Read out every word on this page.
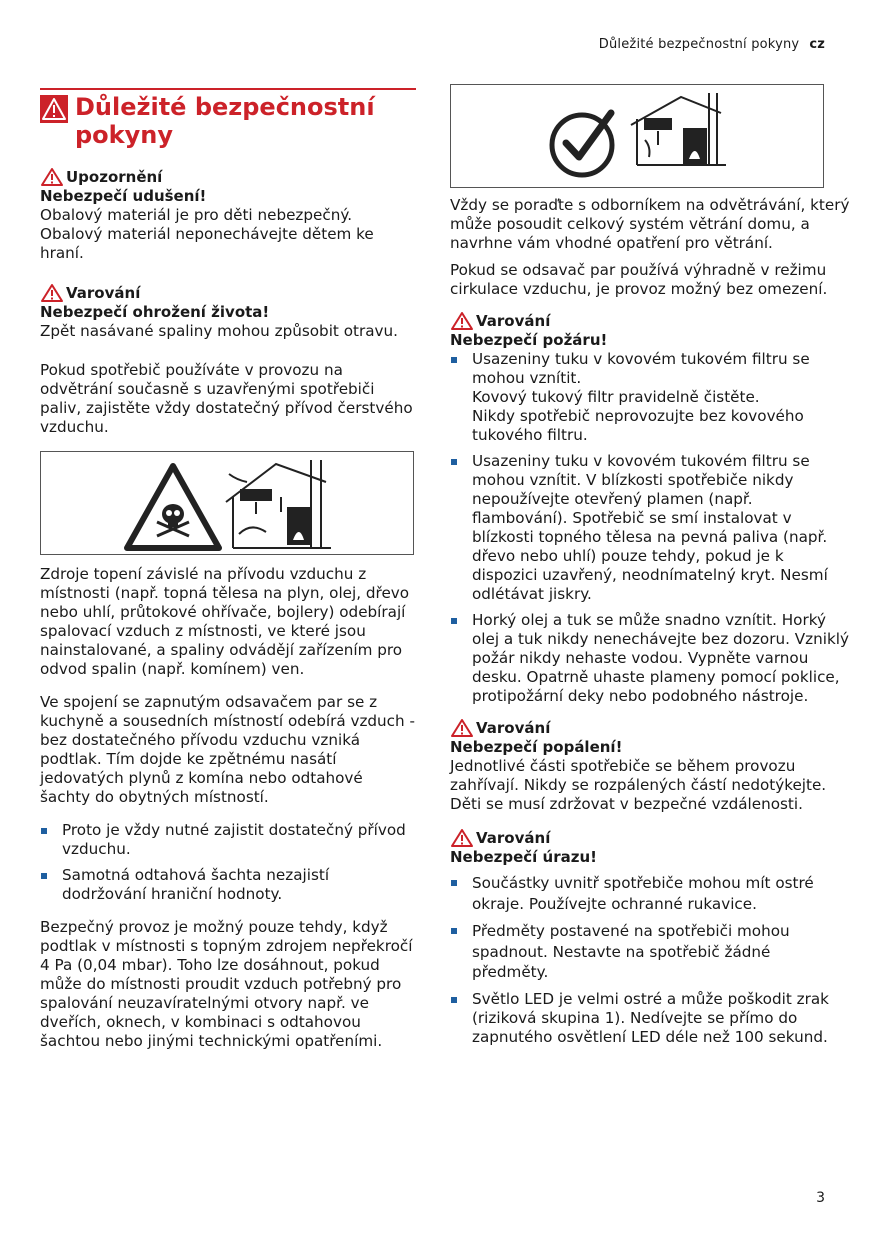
Důležité bezpečnostní pokyny cz
Důležité bezpečnostní pokyny
Upozornění
Nebezpečí udušení!

Obalový materiál je pro děti nebezpečný. Obalový materiál neponechávejte dětem ke hraní.

Varování
Nebezpečí ohrožení života!

Zpět nasávané spaliny mohou způsobit otravu.

Pokud spotřebič používáte v provozu na odvětrání současně s uzavřenými spotřebiči paliv, zajistěte vždy dostatečný přívod čerstvého vzduchu.

Zdroje topení závislé na přívodu vzduchu z místnosti (např. topná tělesa na plyn, olej, dřevo nebo uhlí, průtokové ohřívače, bojlery) odebírají spalovací vzduch z místnosti, ve které jsou nainstalované, a spaliny odvádějí zařízením pro odvod spalin (např. komínem) ven.

Ve spojení se zapnutým odsavačem par se z kuchyně a sousedních místností odebírá vzduch - bez dostatečného přívodu vzduchu vzniká podtlak. Tím dojde ke zpětnému nasátí jedovatých plynů z komína nebo odtahové šachty do obytných místností.

Proto je vždy nutné zajistit dostatečný přívod vzduchu.
Samotná odtahová šachta nezajistí dodržování hraniční hodnoty.

Bezpečný provoz je možný pouze tehdy, když podtlak v místnosti s topným zdrojem nepřekročí 4 Pa (0,04 mbar). Toho lze dosáhnout, pokud může do místnosti proudit vzduch potřebný pro spalování neuzavíratelnými otvory např. ve dveřích, oknech, v kombinaci s odtahovou šachtou nebo jinými technickými opatřeními.

Vždy se poraďte s odborníkem na odvětrávání, který může posoudit celkový systém větrání domu, a navrhne vám vhodné opatření pro větrání.

Pokud se odsavač par používá výhradně v režimu cirkulace vzduchu, je provoz možný bez omezení.

Varování
Nebezpečí požáru!
Usazeniny tuku v kovovém tukovém filtru se mohou vznítit.
Kovový tukový filtr pravidelně čistěte.
Nikdy spotřebič neprovozujte bez kovového tukového filtru.
Usazeniny tuku v kovovém tukovém filtru se mohou vznítit. V blízkosti spotřebiče nikdy nepoužívejte otevřený plamen (např. flambování). Spotřebič se smí instalovat v blízkosti topného tělesa na pevná paliva (např. dřevo nebo uhlí) pouze tehdy, pokud je k dispozici uzavřený, neodnímatelný kryt. Nesmí odlétávat jiskry.
Horký olej a tuk se může snadno vznítit. Horký olej a tuk nikdy nenechávejte bez dozoru. Vzniklý požár nikdy nehaste vodou. Vypněte varnou desku. Opatrně uhaste plameny pomocí poklice, protipožární deky nebo podobného nástroje.
Varování
Nebezpečí popálení!

Jednotlivé části spotřebiče se během provozu zahřívají. Nikdy se rozpálených částí nedotýkejte. Děti se musí zdržovat v bezpečné vzdálenosti.

Varování
Nebezpečí úrazu!
Součástky uvnitř spotřebiče mohou mít ostré okraje. Používejte ochranné rukavice.
Předměty postavené na spotřebiči mohou spadnout. Nestavte na spotřebič žádné předměty.
Světlo LED je velmi ostré a může poškodit zrak (riziková skupina 1). Nedívejte se přímo do zapnutého osvětlení LED déle než 100 sekund.
3
